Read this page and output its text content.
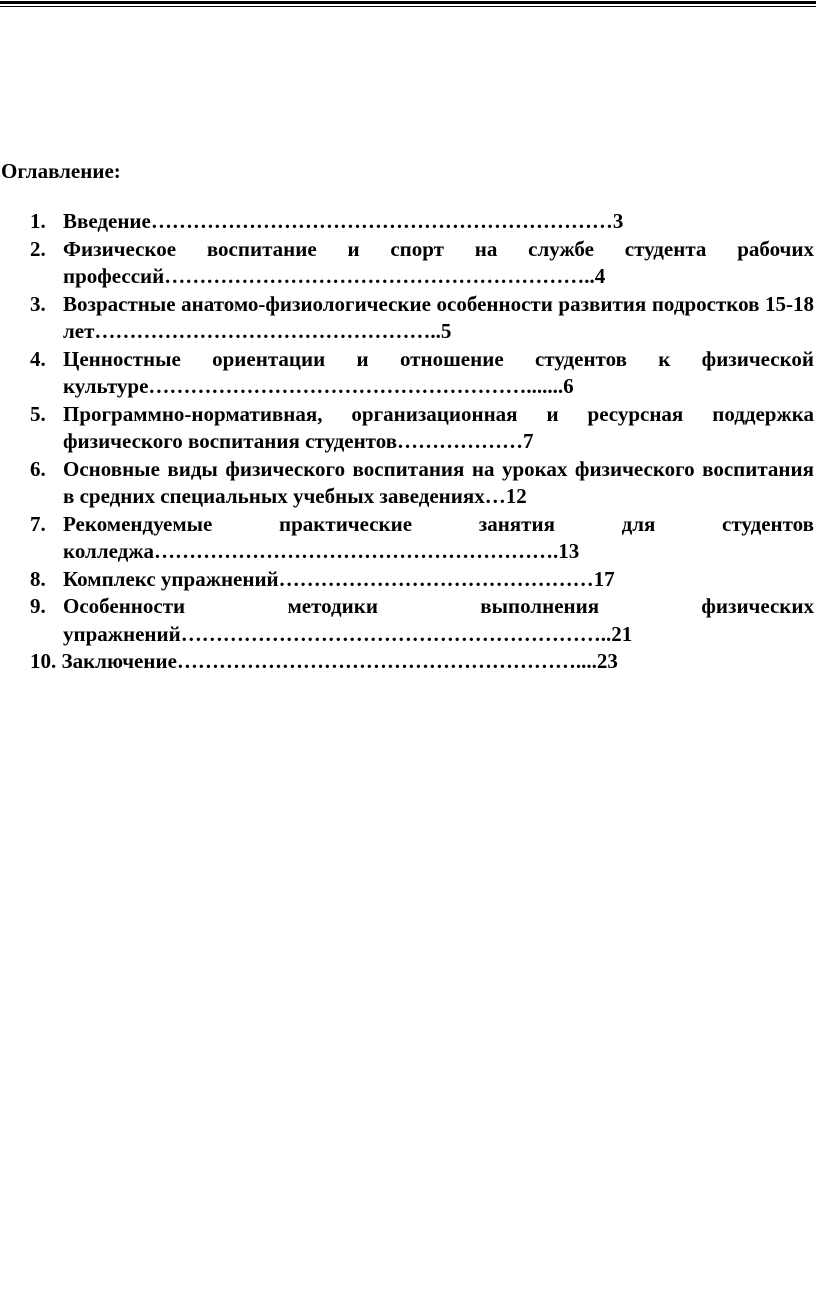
Оглавление:
1. Введение…………………………………………………………3
2. Физическое воспитание и спорт на службе студента рабочих профессий……………………………………………………..4
3. Возрастные анатомо-физиологические особенности развития подростков 15-18 лет…………………………………………..5
4. Ценностные ориентации и отношение студентов к физической культуре……………………………………………….......6
5. Программно-нормативная, организационная и ресурсная поддержка физического воспитания студентов………………7
6. Основные виды физического воспитания на уроках физического воспитания в средних специальных учебных заведениях…12
7. Рекомендуемые практические занятия для студентов колледжа………………………………………………….13
8. Комплекс упражнений………………………………………17
9. Особенности методики выполнения физических упражнений……………………………………………………..21
10. Заключение…………………………………………………....23
